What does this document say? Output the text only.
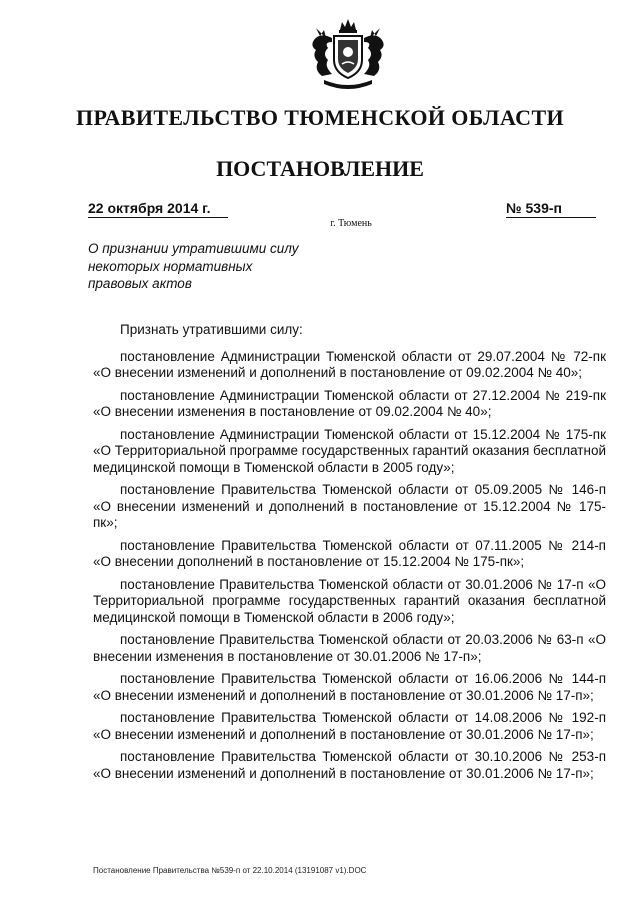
ПРАВИТЕЛЬСТВО ТЮМЕНСКОЙ ОБЛАСТИ
ПОСТАНОВЛЕНИЕ
22 октября 2014 г.	№ 539-п
г. Тюмень
О признании утратившими силу
некоторых нормативных
правовых актов

Признать утратившими силу:

постановление Администрации Тюменской области от 29.07.2004 № 72-пк «О внесении изменений и дополнений в постановление от 09.02.2004 № 40»;

постановление Администрации Тюменской области от 27.12.2004 № 219-пк «О внесении изменения в постановление от 09.02.2004 № 40»;

постановление Администрации Тюменской области от 15.12.2004 № 175-пк «О Территориальной программе государственных гарантий оказания бесплатной медицинской помощи в Тюменской области в 2005 году»;

постановление Правительства Тюменской области от 05.09.2005 № 146-п «О внесении изменений и дополнений в постановление от 15.12.2004 № 175-пк»;

постановление Правительства Тюменской области от 07.11.2005 № 214-п «О внесении дополнений в постановление от 15.12.2004 № 175-пк»;

постановление Правительства Тюменской области от 30.01.2006 № 17-п «О Территориальной программе государственных гарантий оказания бесплатной медицинской помощи в Тюменской области в 2006 году»;

постановление Правительства Тюменской области от 20.03.2006 № 63-п «О внесении изменения в постановление от 30.01.2006 № 17-п»;

постановление Правительства Тюменской области от 16.06.2006 № 144-п «О внесении изменений и дополнений в постановление от 30.01.2006 № 17-п»;

постановление Правительства Тюменской области от 14.08.2006 № 192-п «О внесении изменений и дополнений в постановление от 30.01.2006 № 17-п»;

постановление Правительства Тюменской области от 30.10.2006 № 253-п «О внесении изменений и дополнений в постановление от 30.01.2006 № 17-п»;

Постановление Правительства №539-п от 22.10.2014 (13191087 v1).DOC
